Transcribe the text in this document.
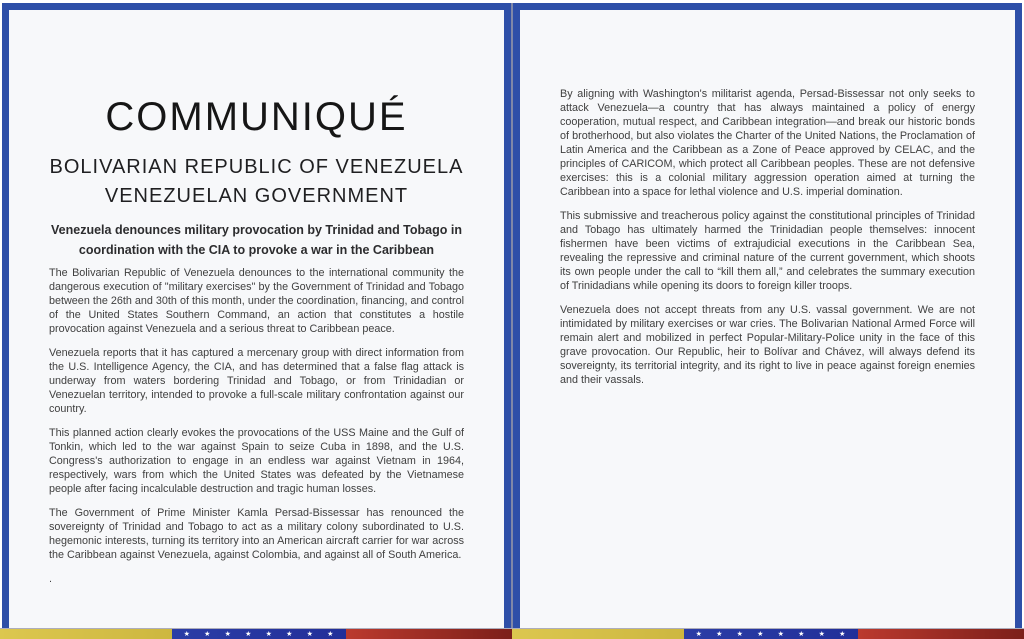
COMMUNIQUÉ
BOLIVARIAN REPUBLIC OF VENEZUELA
VENEZUELAN GOVERNMENT
Venezuela denounces military provocation by Trinidad and Tobago in
coordination with the CIA to provoke a war in the Caribbean

The Bolivarian Republic of Venezuela denounces to the international community the dangerous execution of "military exercises" by the Government of Trinidad and Tobago between the 26th and 30th of this month, under the coordination, financing, and control of the United States Southern Command, an action that constitutes a hostile provocation against Venezuela and a serious threat to Caribbean peace.

Venezuela reports that it has captured a mercenary group with direct information from the U.S. Intelligence Agency, the CIA, and has determined that a false flag attack is underway from waters bordering Trinidad and Tobago, or from Trinidadian or Venezuelan territory, intended to provoke a full-scale military confrontation against our country.

This planned action clearly evokes the provocations of the USS Maine and the Gulf of Tonkin, which led to the war against Spain to seize Cuba in 1898, and the U.S. Congress's authorization to engage in an endless war against Vietnam in 1964, respectively, wars from which the United States was defeated by the Vietnamese people after facing incalculable destruction and tragic human losses.

The Government of Prime Minister Kamla Persad-Bissessar has renounced the sovereignty of Trinidad and Tobago to act as a military colony subordinated to U.S. hegemonic interests, turning its territory into an American aircraft carrier for war across the Caribbean against Venezuela, against Colombia, and against all of South America.

.

By aligning with Washington's militarist agenda, Persad-Bissessar not only seeks to attack Venezuela—a country that has always maintained a policy of energy cooperation, mutual respect, and Caribbean integration—and break our historic bonds of brotherhood, but also violates the Charter of the United Nations, the Proclamation of Latin America and the Caribbean as a Zone of Peace approved by CELAC, and the principles of CARICOM, which protect all Caribbean peoples. These are not defensive exercises: this is a colonial military aggression operation aimed at turning the Caribbean into a space for lethal violence and U.S. imperial domination.

This submissive and treacherous policy against the constitutional principles of Trinidad and Tobago has ultimately harmed the Trinidadian people themselves: innocent fishermen have been victims of extrajudicial executions in the Caribbean Sea, revealing the repressive and criminal nature of the current government, which shoots its own people under the call to “kill them all,” and celebrates the summary execution of Trinidadians while opening its doors to foreign killer troops.

Venezuela does not accept threats from any U.S. vassal government. We are not intimidated by military exercises or war cries. The Bolivarian National Armed Force will remain alert and mobilized in perfect Popular-Military-Police unity in the face of this grave provocation. Our Republic, heir to Bolívar and Chávez, will always defend its sovereignty, its territorial integrity, and its right to live in peace against foreign enemies and their vassals.

★ ★ ★ ★ ★ ★ ★ ★	★ ★ ★ ★ ★ ★ ★ ★
